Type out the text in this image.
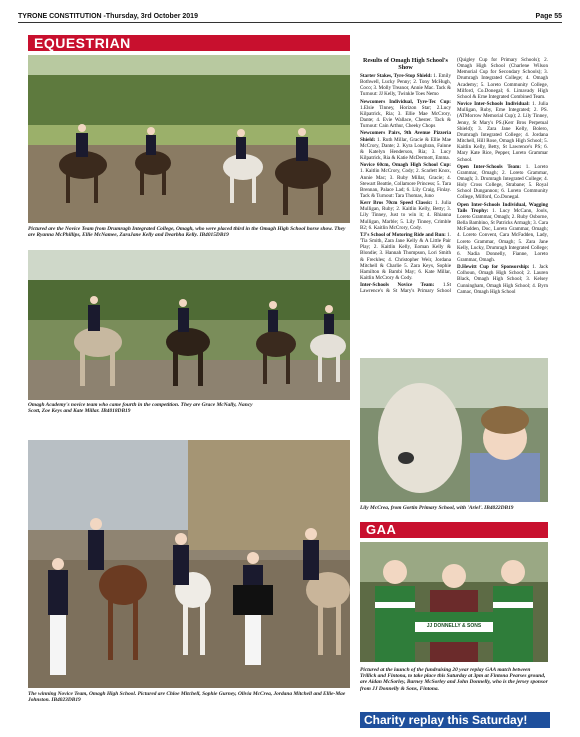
TYRONE CONSTITUTION -Thursday, 3rd October 2019	Page 55
EQUESTRIAN
Pictured are the Novice Team from Drumragh Integrated College, Omagh, who were placed third in the Omagh High School horse show. They are Ryanna McPhillips, Ellie McNamee, ZaraJane Kelly and Dearbha Kelly. IB4015DB19
Omagh Academy's novice team who came fourth in the competition. They are Grace McNally, Nancy Scott, Zoe Keys and Kate Millar. IB4018DB19
The winning Novice Team, Omagh High School. Pictured are Chloe Mitchell, Sophie Gurney, Olivia McCrea, Jordana Mitchell and Ellie-Mae Johnston. IB4023DB19
Results of Omagh High School's Show

Starter Stakes, Tyre-Stop Shield: 1. Emily Bothwell, Lucky Penny; 2. Tony McHugh, Coco; 3. Molly Treanor, Annie Mac. Tack & Turnout: JJ Kelly, Twinkle Toes Nemo

Newcomers Individual, Tyre-Tec Cup: 1.Elsie Tinney, Horizon Star; 2.Lucy Kilpatrick, Ria; 3. Ellie Mae McCrory, Dante; 4. Evie Wallace, Chester. Tack & Turnout: Cain Arthur, Cheeky Chops

Newcomers Pairs, 9th Avenue Pizzeria Shield: 1. Ruth Millar, Gracie & Ellie Mae McCrory, Dante; 2. Kyra Loughran, Fainne & Katelyn Henderson, Ria; 3. Lucy Kilpatrick, Ria & Katie McDermott, Emma.

Novice 60cm, Omagh High School Cup: 1. Kaitlin McCrory, Cody; 2. Scarlett Knox, Annie Mac; 3. Ruby Millar, Gracie; 4. Stewart Beattie, Collamore Princess; 5. Tara Brennan, Palace Lad; 6. Lily Craig, Finlay. Tack & Turnout: Tara Thomas, Juno

Kerr Bros 70cm Speed Classic: 1. Julia Mulligan, Ruby; 2. Kaitlin Kelly, Betty; 3. Lily Tinney, Just to win it; 4. Rhianna Mulligan, Marble; 5. Lily Tinney, Crimble B2; 6. Kaitlin McCrory, Cody.

TJ's School of Motoring Ride and Run: 1. 'Tia Smith, Zara Jane Kelly & A Little Pair Play; 2. Kaitlin Kelly, Eoman Kelly & Blondie; 3. Hannah Thompson, Lori Smith & Freckles; 4. Christopher Weir, Jordana Mitchell & Charlie 5. Zara Keys, Sophie Hamilton & Bambi May; 6. Kate Millar, Kaitlin McCrory & Cody.

Inter-Schools Novice Team: 1.St Lawrence's & St Mary's Primary School (Quigley Cup for Primary Schools); 2. Omagh High School (Charlene Wilson Memorial Cup for Secondary Schools); 3. Drumragh Integrated College; 4. Omagh Academy; 5. Loreto Community College, Milford, Co.Donegal; 6. Limavady High School & Erne Integrated Combined Team.

Novice Inter-Schools Individual: 1. Julia Mulligan, Ruby, Erne Integrated; 2. PS. (ATMorrow Memorial Cup); 2. Lily Tinney, Jenny, St Mary's PS.(Kerr Bros Perpetual Shield); 3. Zara Jane Kelly, Bolero, Drumragh Integrated College; 4. Jordana Mitchell, Hill Rose, Omagh High School; 5. Kaitlin Kelly, Betty, St Lawrence's PS; 6. Mary Kate Rice, Pepper, Loreto Grammar School.

Open Inter-Schools Team: 1. Loreto Grammar, Omagh; 2. Loreto Grammar, Omagh; 3. Drumragh Integrated College; 4. Holy Cross College, Strabane; 5. Royal School Dungannon; 6. Loreto Community College, Milford, Co.Donegal.

Open Inter-Schools Individual, Wagging Tails Trophy: 1. Lucy McCann, Jools, Loreto Grammar, Omagh; 2. Ruby Osborne, Bella Bambino, St Patricks Armagh; 3. Cara McFadden, Doc, Loreto Grammar, Omagh; 4. Loreto Convent, Cara McFadden, Lady, Loreto Grammar, Omagh; 5. Zara Jane Kelly, Lucky, Drumragh Integrated College; 6. Nadia Donnelly, Fianne, Loreto Grammar, Omagh.

D.Hewitt Cup for Sponsorship: 1. Jack Colhoun, Omagh High School; 2. Lauren Black, Omagh High School; 3. Kelsey Cunningham, Omagh High School; 4. Byrn Camac, Omagh High School

Lily McCrea, from Gortin Primary School, with 'Ariel'. IB4022DB19
GAA
JJ DONNELLY & SONS
Pictured at the launch of the fundraising 20 year replay GAA match between Trillick and Fintona, to take place this Saturday at 3pm at Fintona Pearses ground, are Aidan McSorley, Barney McSorley and John Donnelly, who is the jersey sponsor from JJ Donnelly & Sons, Fintona.
Charity replay this Saturday!
